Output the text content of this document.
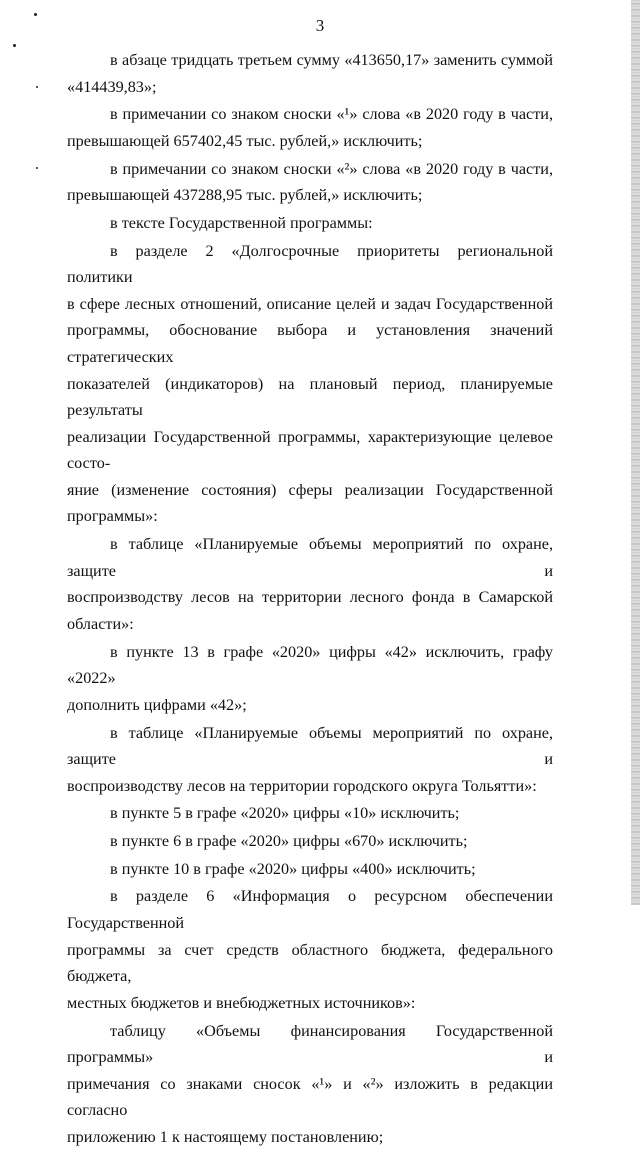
3

в абзаце тридцать третьем сумму «413650,17» заменить суммой
«414439,83»;

в примечании со знаком сноски «¹» слова «в 2020 году в части,
превышающей 657402,45 тыс. рублей,» исключить;

в примечании со знаком сноски «²» слова «в 2020 году в части,
превышающей 437288,95 тыс. рублей,» исключить;

в тексте Государственной программы:

в разделе 2 «Долгосрочные приоритеты региональной политики
в сфере лесных отношений, описание целей и задач Государственной
программы, обоснование выбора и установления значений стратегических
показателей (индикаторов) на плановый период, планируемые результаты
реализации Государственной программы, характеризующие целевое состо-
яние (изменение состояния) сферы реализации Государственной
программы»:

в таблице «Планируемые объемы мероприятий по охране, защите и
воспроизводству лесов на территории лесного фонда в Самарской
области»:

в пункте 13 в графе «2020» цифры «42» исключить, графу «2022»
дополнить цифрами «42»;

в таблице «Планируемые объемы мероприятий по охране, защите и
воспроизводству лесов на территории городского округа Тольятти»:

в пункте 5 в графе «2020» цифры «10» исключить;

в пункте 6 в графе «2020» цифры «670» исключить;

в пункте 10 в графе «2020» цифры «400» исключить;

в разделе 6 «Информация о ресурсном обеспечении Государственной
программы за счет средств областного бюджета, федерального бюджета,
местных бюджетов и внебюджетных источников»:

таблицу «Объемы финансирования Государственной программы» и
примечания со знаками сносок «¹» и «²» изложить в редакции согласно
приложению 1 к настоящему постановлению;
